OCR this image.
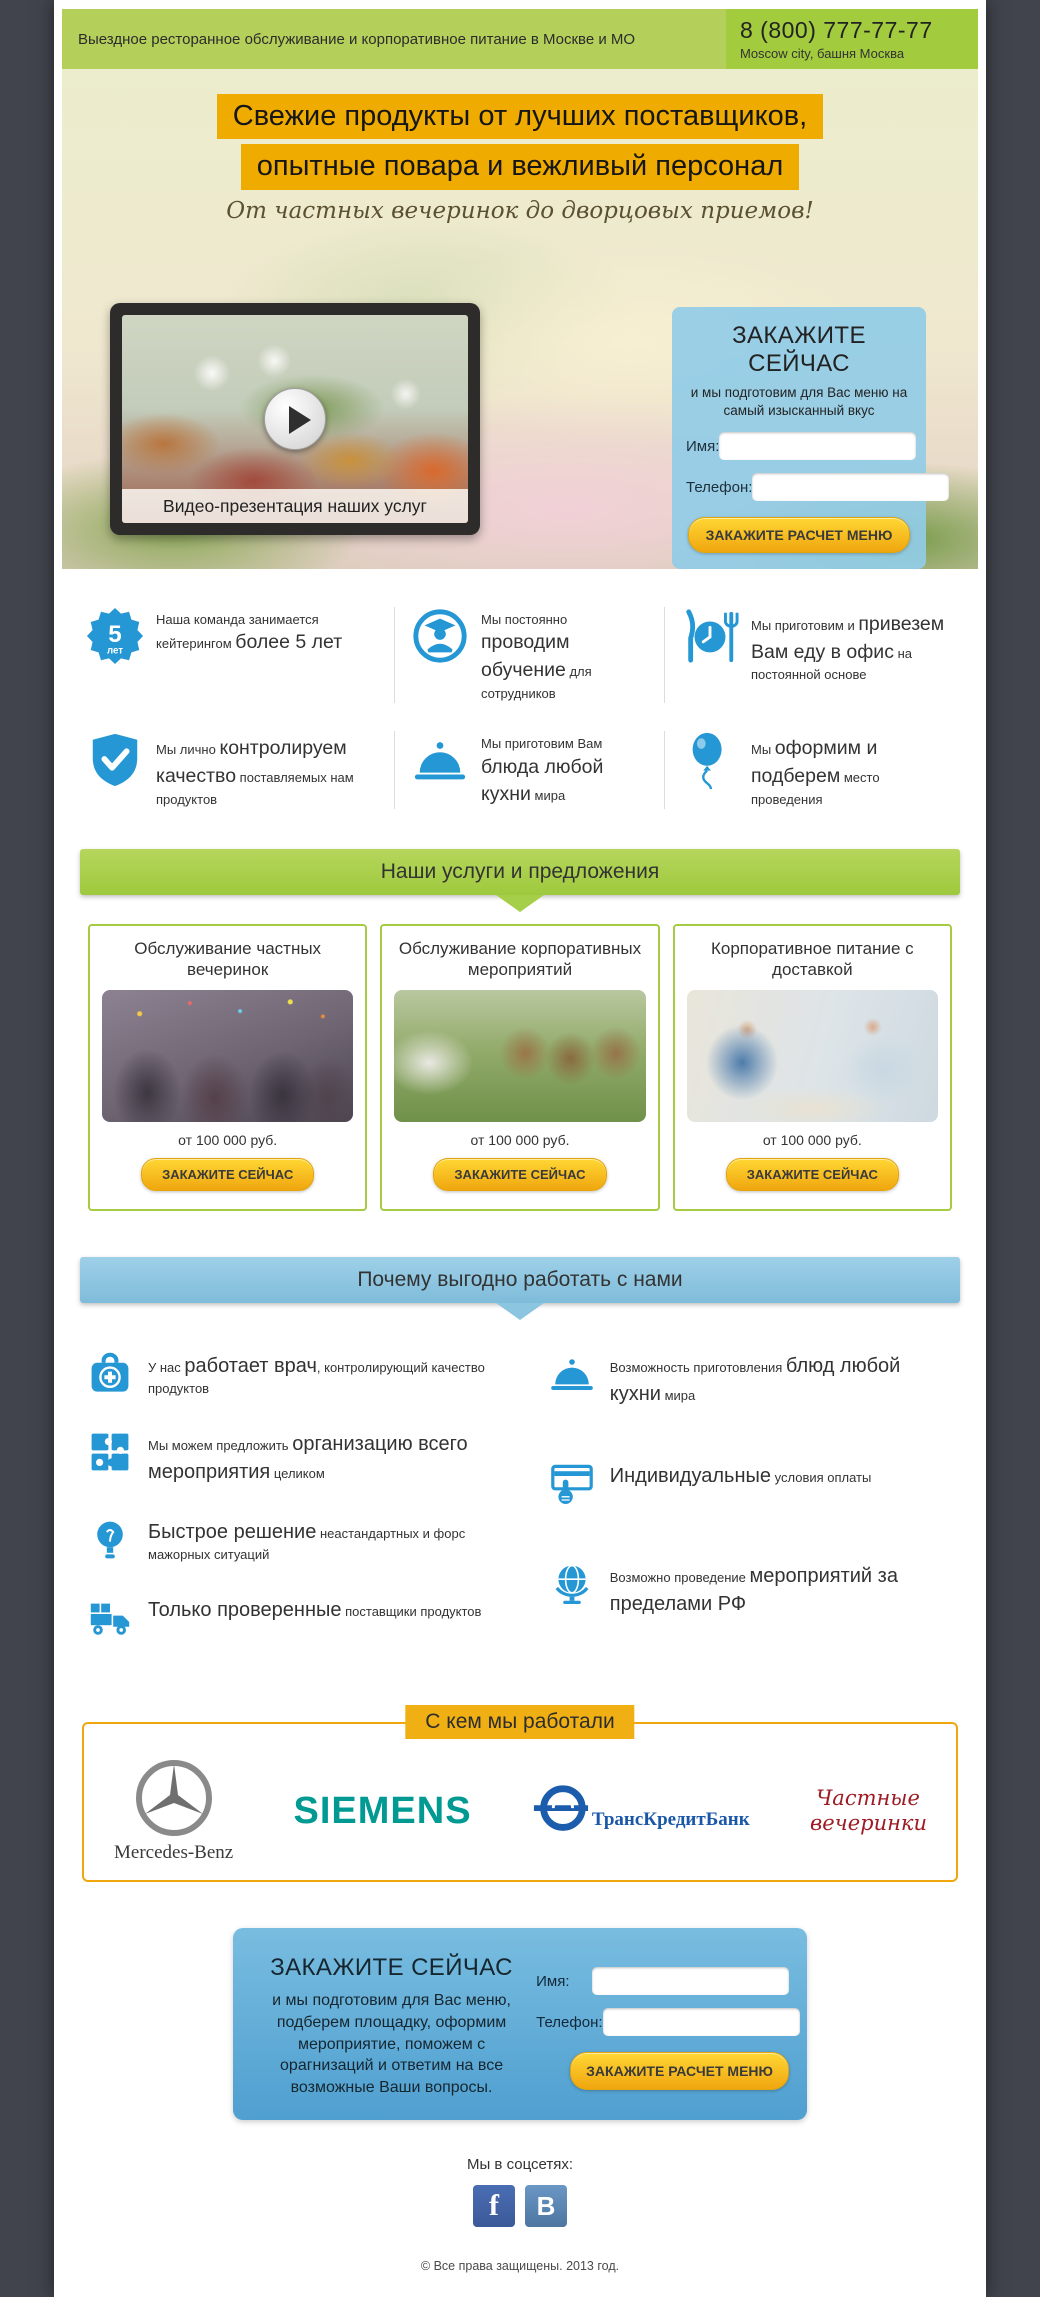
Выездное ресторанное обслуживание и корпоративное питание в Москве и МО	8 (800) 777-77-77
Moscow city, башня Москва
Свежие продукты от лучших поставщиков,
опытные повара и вежливый персонал
От частных вечеринок до дворцовых приемов!
Видео-презентация наших услуг
ЗАКАЖИТЕ СЕЙЧАС
и мы подготовим для Вас меню на самый изысканный вкус
Имя:
Телефон:
ЗАКАЖИТЕ РАСЧЕТ МЕНЮ
5
лет
Наша команда занимается кейтерингом более 5 лет
Мы постоянно проводим обучение для сотрудников
Мы приготовим и привезем Вам еду в офис на постоянной основе
Мы лично контролируем качество поставляемых нам продуктов
Мы приготовим Вам блюда любой кухни мира
Мы оформим и подберем место проведения
Наши услуги и предложения
Обслуживание частных вечеринок
от 100 000 руб.
ЗАКАЖИТЕ СЕЙЧАС
Обслуживание корпоративных мероприятий
от 100 000 руб.
ЗАКАЖИТЕ СЕЙЧАС
Корпоративное питание с доставкой
от 100 000 руб.
ЗАКАЖИТЕ СЕЙЧАС
Почему выгодно работать с нами
У нас работает врач, контролирующий качество продуктов
Мы можем предложить организацию всего мероприятия целиком
Быстрое решение неастандартных и форс мажорных ситуаций
Только проверенные поставщики продуктов
Возможность приготовления блюд любой кухни мира
Индивидуальные условия оплаты
Возможно проведение мероприятий за пределами РФ
С кем мы работали
Mercedes-Benz
SIEMENS	ТрансКредитБанк
Частные вечеринки
ЗАКАЖИТЕ СЕЙЧАС
и мы подготовим для Вас меню, подберем площадку, оформим мероприятие, поможем с орагнизаций и ответим на все возможные Ваши вопросы.
Имя:
Телефон:
ЗАКАЖИТЕ РАСЧЕТ МЕНЮ
Мы в соцсетях:
f	В
© Все права защищены. 2013 год.
